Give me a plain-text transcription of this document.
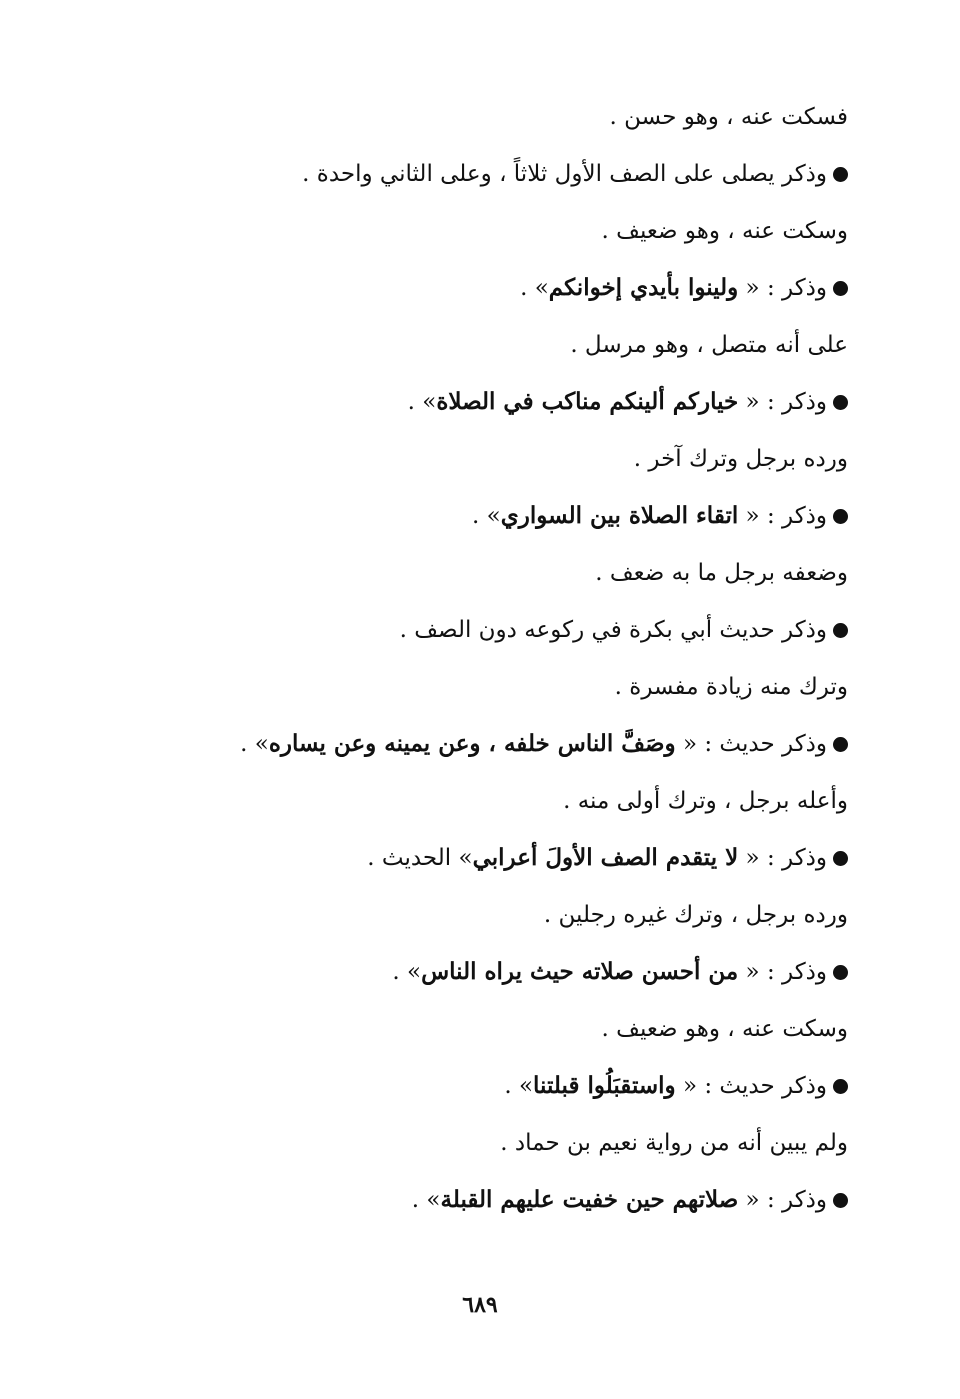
فسكت عنه ، وهو حسن .
وذكر يصلى على الصف الأول ثلاثاً ، وعلى الثاني واحدة .
وسكت عنه ، وهو ضعيف .
وذكر : « ولينوا بأيدي إخوانكم» .
على أنه متصل ، وهو مرسل .
وذكر : « خياركم ألينكم مناكب في الصلاة» .
ورده برجل وترك آخر .
وذكر : « اتقاء الصلاة بين السواري» .
وضعفه برجل ما به ضعف .
وذكر حديث أبي بكرة في ركوعه دون الصف .
وترك منه زيادة مفسرة .
وذكر حديث : « وصَفَّ الناس خلفه ، وعن يمينه وعن يساره» .
وأعله برجل ، وترك أولى منه .
وذكر : « لا يتقدم الصف الأولَ أعرابي» الحديث .
ورده برجل ، وترك غيره رجلين .
وذكر : « من أحسن صلاته حيث يراه الناس» .
وسكت عنه ، وهو ضعيف .
وذكر حديث : « واستقبَلُوا قبلتنا» .
ولم يبين أنه من رواية نعيم بن حماد .
وذكر : « صلاتهم حين خفيت عليهم القبلة» .
٦٨٩
